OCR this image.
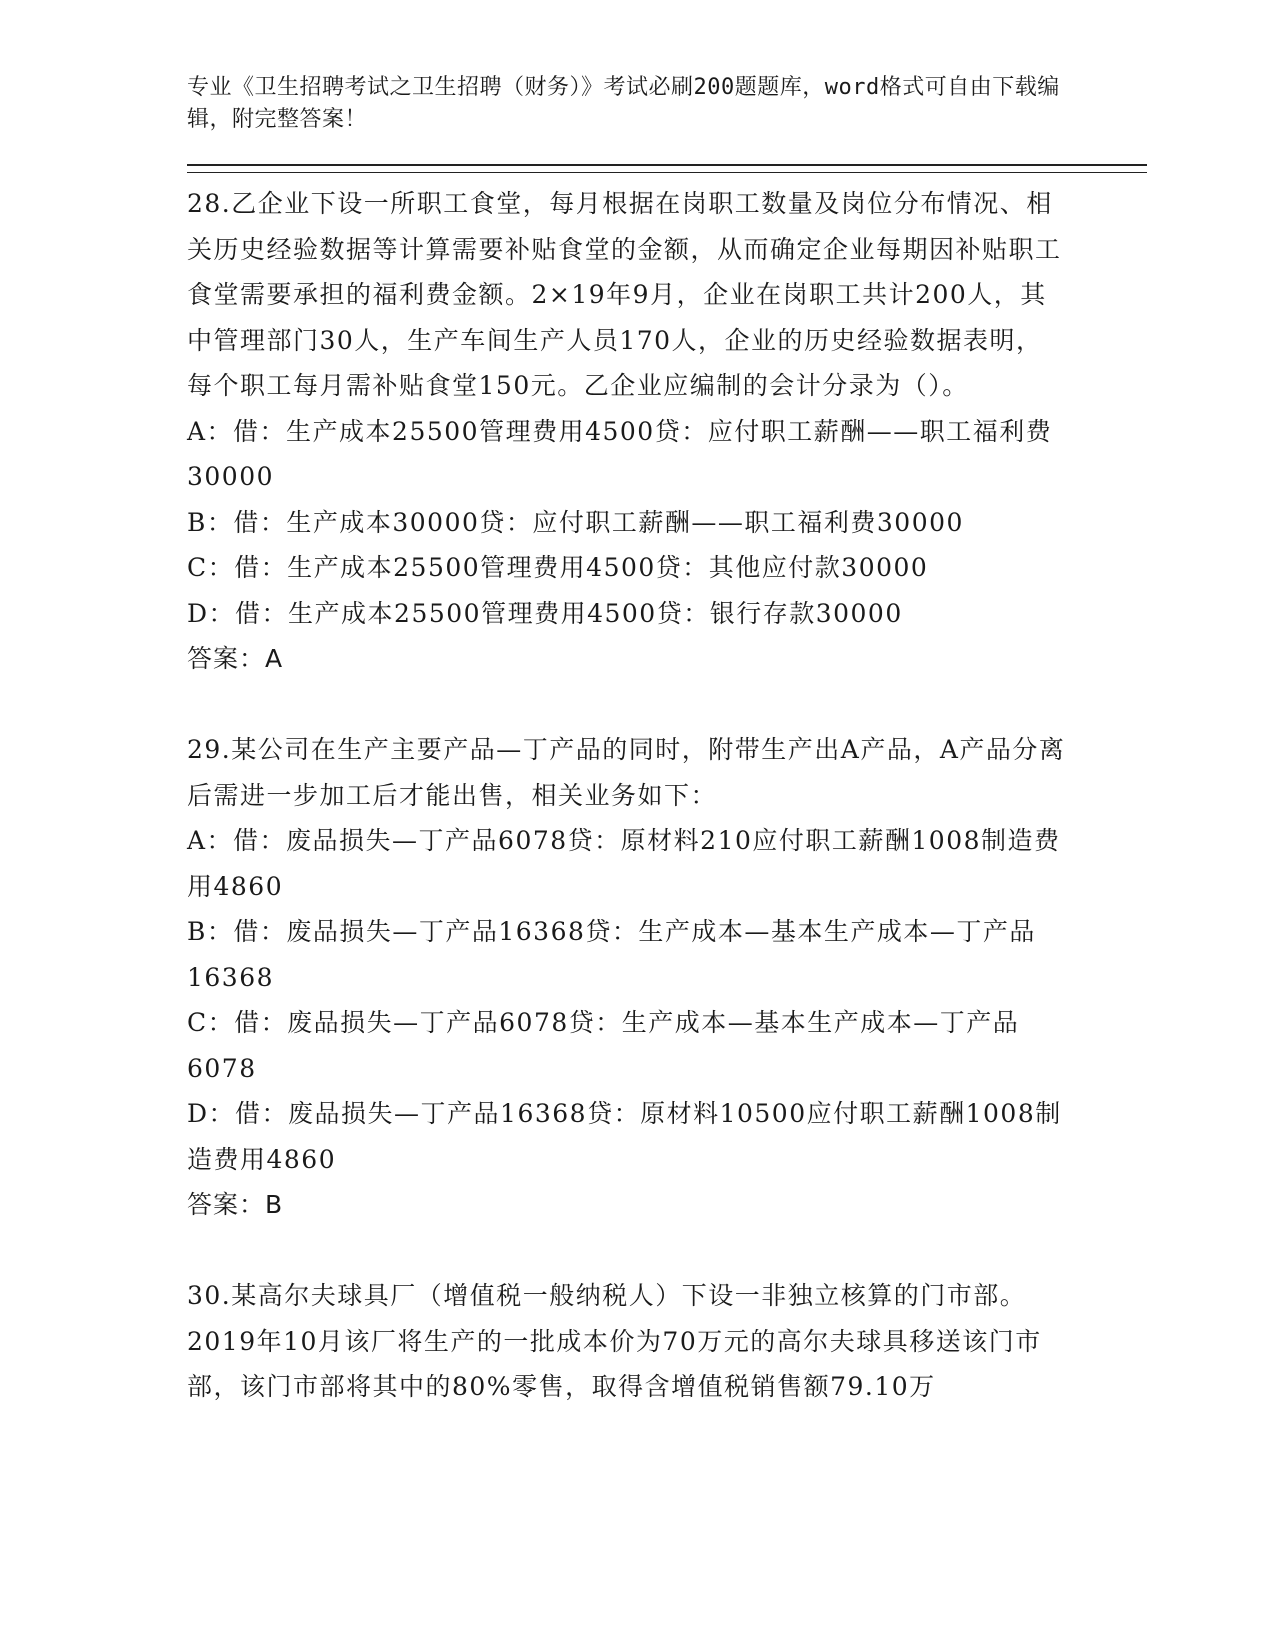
专业《卫生招聘考试之卫生招聘（财务）》考试必刷200题题库，word格式可自由下载编辑，附完整答案！

28.乙企业下设一所职工食堂，每月根据在岗职工数量及岗位分布情况、相关历史经验数据等计算需要补贴食堂的金额，从而确定企业每期因补贴职工食堂需要承担的福利费金额。2×19年9月，企业在岗职工共计200人，其中管理部门30人，生产车间生产人员170人，企业的历史经验数据表明，每个职工每月需补贴食堂150元。乙企业应编制的会计分录为（）。

A：借：生产成本25500管理费用4500贷：应付职工薪酬——职工福利费30000

B：借：生产成本30000贷：应付职工薪酬——职工福利费30000

C：借：生产成本25500管理费用4500贷：其他应付款30000

D：借：生产成本25500管理费用4500贷：银行存款30000

答案：A

29.某公司在生产主要产品—丁产品的同时，附带生产出A产品，A产品分离后需进一步加工后才能出售，相关业务如下：

A：借：废品损失—丁产品6078贷：原材料210应付职工薪酬1008制造费用4860

B：借：废品损失—丁产品16368贷：生产成本—基本生产成本—丁产品16368

C：借：废品损失—丁产品6078贷：生产成本—基本生产成本—丁产品6078

D：借：废品损失—丁产品16368贷：原材料10500应付职工薪酬1008制造费用4860

答案：B

30.某高尔夫球具厂（增值税一般纳税人）下设一非独立核算的门市部。2019年10月该厂将生产的一批成本价为70万元的高尔夫球具移送该门市部，该门市部将其中的80%零售，取得含增值税销售额79.10万
